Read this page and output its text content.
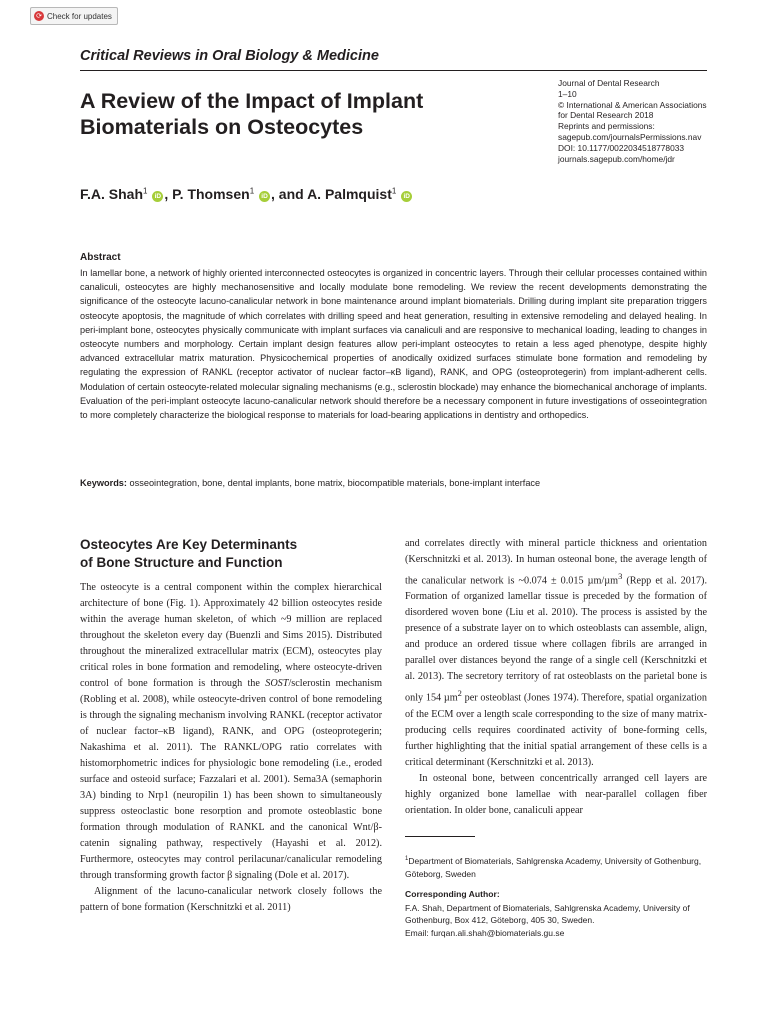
⟳ Check for updates
Critical Reviews in Oral Biology & Medicine
A Review of the Impact of Implant
Biomaterials on Osteocytes
Journal of Dental Research
1–10
© International & American Associations
for Dental Research 2018
Reprints and permissions:
sagepub.com/journalsPermissions.nav
DOI: 10.1177/0022034518778033
journals.sagepub.com/home/jdr
F.A. Shah$^1$ iD , P. Thomsen$^1$ iD , and A. Palmquist$^1$ iD
Abstract

In lamellar bone, a network of highly oriented interconnected osteocytes is organized in concentric layers. Through their cellular processes contained within canaliculi, osteocytes are highly mechanosensitive and locally modulate bone remodeling. We review the recent developments demonstrating the significance of the osteocyte lacuno-canalicular network in bone maintenance around implant biomaterials. Drilling during implant site preparation triggers osteocyte apoptosis, the magnitude of which correlates with drilling speed and heat generation, resulting in extensive remodeling and delayed healing. In peri-implant bone, osteocytes physically communicate with implant surfaces via canaliculi and are responsive to mechanical loading, leading to changes in osteocyte numbers and morphology. Certain implant design features allow peri-implant osteocytes to retain a less aged phenotype, despite highly advanced extracellular matrix maturation. Physicochemical properties of anodically oxidized surfaces stimulate bone formation and remodeling by regulating the expression of RANKL (receptor activator of nuclear factor–κB ligand), RANK, and OPG (osteoprotegerin) from implant-adherent cells. Modulation of certain osteocyte-related molecular signaling mechanisms (e.g., sclerostin blockade) may enhance the biomechanical anchorage of implants. Evaluation of the peri-implant osteocyte lacuno-canalicular network should therefore be a necessary component in future investigations of osseointegration to more completely characterize the biological response to materials for load-bearing applications in dentistry and orthopedics.

Keywords: osseointegration, bone, dental implants, bone matrix, biocompatible materials, bone-implant interface
Osteocytes Are Key Determinants
of Bone Structure and Function

The osteocyte is a central component within the complex hierarchical architecture of bone (Fig. 1). Approximately 42 billion osteocytes reside within the average human skeleton, of which ~9 million are replaced throughout the skeleton every day (Buenzli and Sims 2015). Distributed throughout the mineralized extracellular matrix (ECM), osteocytes play critical roles in bone formation and remodeling, where osteocyte-driven control of bone formation is through the SOST/sclerostin mechanism (Robling et al. 2008), while osteocyte-driven control of bone remodeling is through the signaling mechanism involving RANKL (receptor activator of nuclear factor–κB ligand), RANK, and OPG (osteoprotegerin; Nakashima et al. 2011). The RANKL/OPG ratio correlates with histomorphometric indices for physiologic bone remodeling (i.e., eroded surface and osteoid surface; Fazzalari et al. 2001). Sema3A (semaphorin 3A) binding to Nrp1 (neuropilin 1) has been shown to simultaneously suppress osteoclastic bone resorption and promote osteoblastic bone formation through modulation of RANKL and the canonical Wnt/β-catenin signaling pathway, respectively (Hayashi et al. 2012). Furthermore, osteocytes may control perilacunar/canalicular remodeling through transforming growth factor β signaling (Dole et al. 2017).

Alignment of the lacuno-canalicular network closely follows the pattern of bone formation (Kerschnitzki et al. 2011)

and correlates directly with mineral particle thickness and orientation (Kerschnitzki et al. 2013). In human osteonal bone, the average length of the canalicular network is ~0.074 ± 0.015 µm/µm$^3$ (Repp et al. 2017). Formation of organized lamellar tissue is preceded by the formation of disordered woven bone (Liu et al. 2010). The process is assisted by the presence of a substrate layer on to which osteoblasts can assemble, align, and produce an ordered tissue where collagen fibrils are arranged in parallel over distances beyond the range of a single cell (Kerschnitzki et al. 2013). The secretory territory of rat osteoblasts on the parietal bone is only 154 µm$^2$ per osteoblast (Jones 1974). Therefore, spatial organization of the ECM over a length scale corresponding to the size of many matrix-producing cells requires coordinated activity of bone-forming cells, further highlighting that the initial spatial arrangement of these cells is a critical determinant (Kerschnitzki et al. 2013).

In osteonal bone, between concentrically arranged cell layers are highly organized bone lamellae with near-parallel collagen fiber orientation. In older bone, canaliculi appear

$^1$Department of Biomaterials, Sahlgrenska Academy, University of Gothenburg, Göteborg, Sweden
Corresponding Author:
F.A. Shah, Department of Biomaterials, Sahlgrenska Academy, University of Gothenburg, Box 412, Göteborg, 405 30, Sweden.
Email: furqan.ali.shah@biomaterials.gu.se
